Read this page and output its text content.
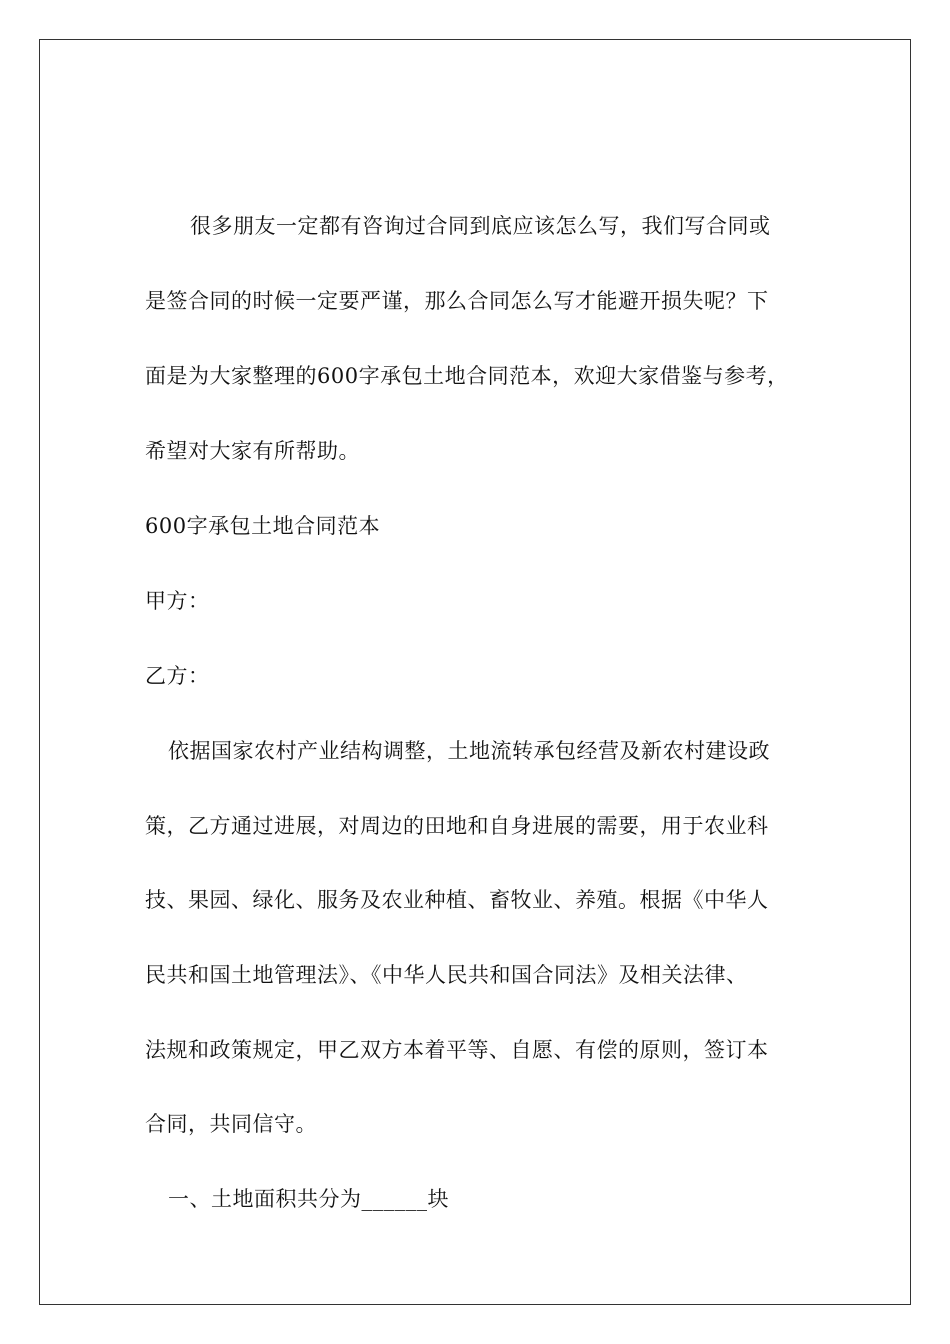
很多朋友一定都有咨询过合同到底应该怎么写，我们写合同或
是签合同的时候一定要严谨，那么合同怎么写才能避开损失呢？下
面是为大家整理的600字承包土地合同范本，欢迎大家借鉴与参考，
希望对大家有所帮助。
600字承包土地合同范本
甲方：
乙方：
依据国家农村产业结构调整，土地流转承包经营及新农村建设政
策，乙方通过进展，对周边的田地和自身进展的需要，用于农业科
技、果园、绿化、服务及农业种植、畜牧业、养殖。根据《中华人
民共和国土地管理法》、《中华人民共和国合同法》及相关法律、
法规和政策规定，甲乙双方本着平等、自愿、有偿的原则，签订本
合同，共同信守。
一、土地面积共分为______块
